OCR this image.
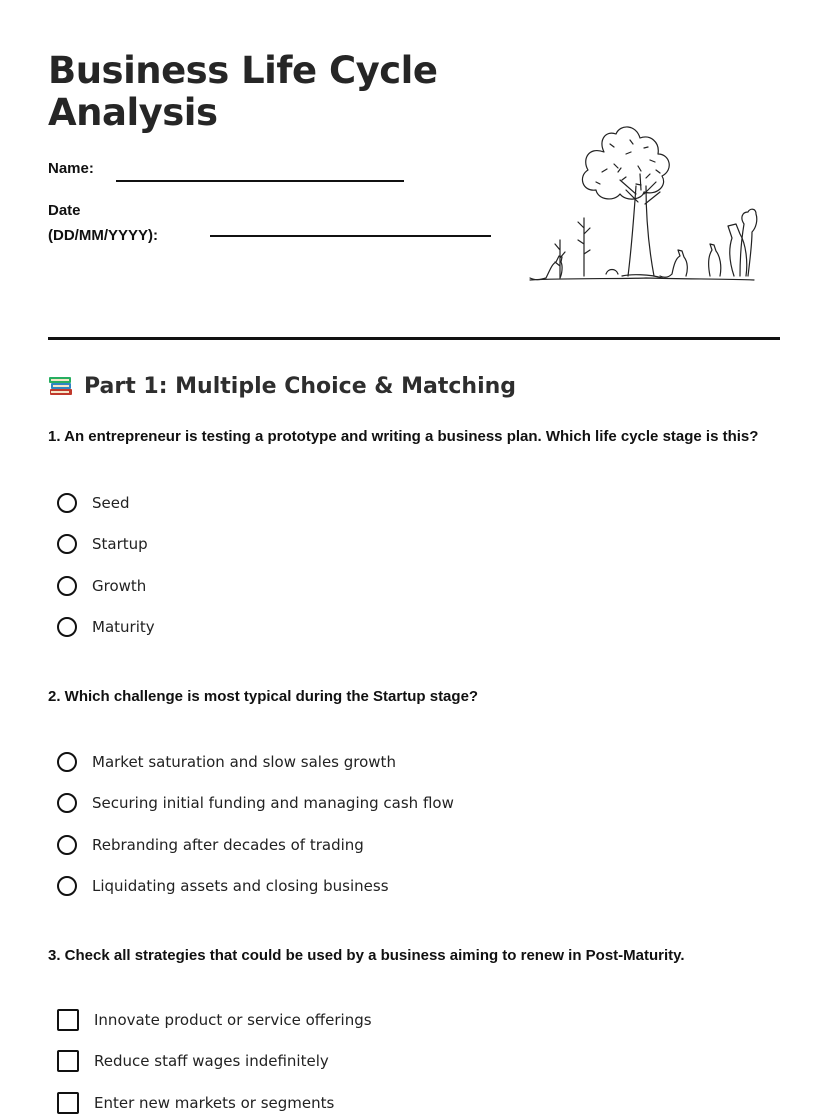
Business Life Cycle
Analysis
Name:
Date
(DD/MM/YYYY):
Part 1: Multiple Choice & Matching
1. An entrepreneur is testing a prototype and writing a business plan. Which life cycle stage is this?
Seed
Startup
Growth
Maturity
2. Which challenge is most typical during the Startup stage?
Market saturation and slow sales growth
Securing initial funding and managing cash flow
Rebranding after decades of trading
Liquidating assets and closing business
3. Check all strategies that could be used by a business aiming to renew in Post-Maturity.
Innovate product or service offerings
Reduce staff wages indefinitely
Enter new markets or segments
